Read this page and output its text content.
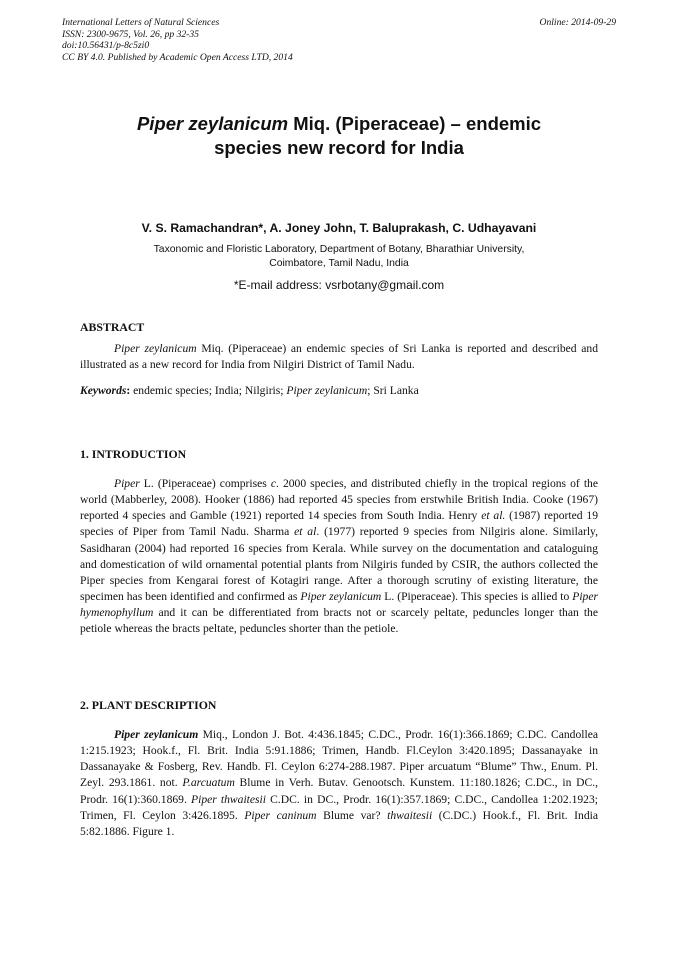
International Letters of Natural Sciences
ISSN: 2300-9675, Vol. 26, pp 32-35
doi:10.56431/p-8c5zi0
CC BY 4.0. Published by Academic Open Access LTD, 2014
Online: 2014-09-29
Piper zeylanicum Miq. (Piperaceae) – endemic
species new record for India
V. S. Ramachandran*, A. Joney John, T. Baluprakash, C. Udhayavani
Taxonomic and Floristic Laboratory, Department of Botany, Bharathiar University,
Coimbatore, Tamil Nadu, India
*E-mail address: vsrbotany@gmail.com
ABSTRACT

Piper zeylanicum Miq. (Piperaceae) an endemic species of Sri Lanka is reported and described and illustrated as a new record for India from Nilgiri District of Tamil Nadu.

Keywords: endemic species; India; Nilgiris; Piper zeylanicum; Sri Lanka

1. INTRODUCTION

Piper L. (Piperaceae) comprises c. 2000 species, and distributed chiefly in the tropical regions of the world (Mabberley, 2008). Hooker (1886) had reported 45 species from erstwhile British India. Cooke (1967) reported 4 species and Gamble (1921) reported 14 species from South India. Henry et al. (1987) reported 19 species of Piper from Tamil Nadu. Sharma et al. (1977) reported 9 species from Nilgiris alone. Similarly, Sasidharan (2004) had reported 16 species from Kerala. While survey on the documentation and cataloguing and domestication of wild ornamental potential plants from Nilgiris funded by CSIR, the authors collected the Piper species from Kengarai forest of Kotagiri range. After a thorough scrutiny of existing literature, the specimen has been identified and confirmed as Piper zeylanicum L. (Piperaceae). This species is allied to Piper hymenophyllum and it can be differentiated from bracts not or scarcely peltate, peduncles longer than the petiole whereas the bracts peltate, peduncles shorter than the petiole.

2. PLANT DESCRIPTION

Piper zeylanicum Miq., London J. Bot. 4:436.1845; C.DC., Prodr. 16(1):366.1869; C.DC. Candollea 1:215.1923; Hook.f., Fl. Brit. India 5:91.1886; Trimen, Handb. Fl.Ceylon 3:420.1895; Dassanayake in Dassanayake & Fosberg, Rev. Handb. Fl. Ceylon 6:274-288.1987. Piper arcuatum “Blume” Thw., Enum. Pl. Zeyl. 293.1861. not. P.arcuatum Blume in Verh. Butav. Genootsch. Kunstem. 11:180.1826; C.DC., in DC., Prodr. 16(1):360.1869. Piper thwaitesii C.DC. in DC., Prodr. 16(1):357.1869; C.DC., Candollea 1:202.1923; Trimen, Fl. Ceylon 3:426.1895. Piper caninum Blume var? thwaitesii (C.DC.) Hook.f., Fl. Brit. India 5:82.1886. Figure 1.
